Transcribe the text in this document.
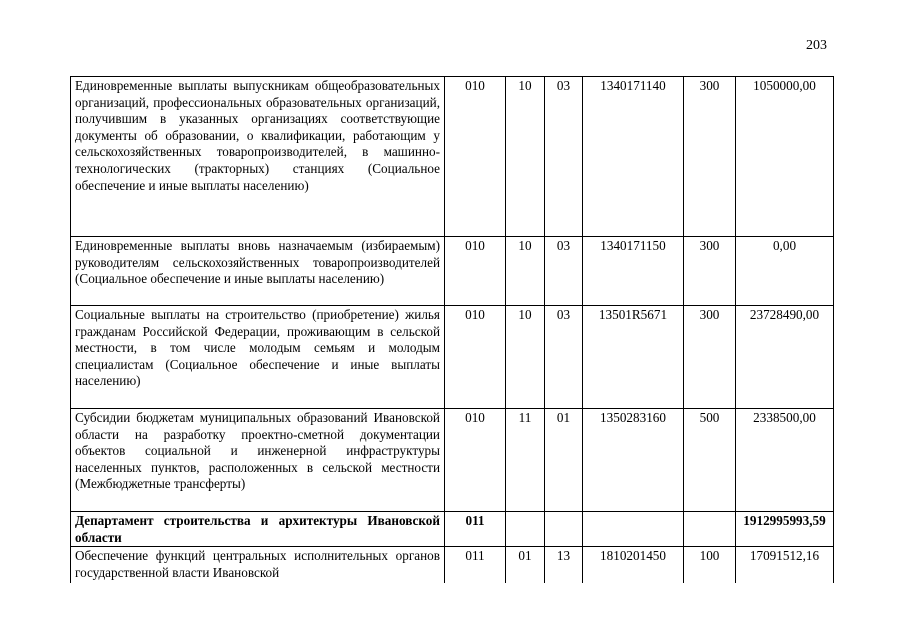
203
Единовременные выплаты выпускникам общеобразовательных организаций, профессиональных образовательных организаций, получившим в указанных организациях соответствующие документы об образовании, о квалификации, работающим у сельскохозяйственных товаропроизводителей, в машинно-технологических (тракторных) станциях (Социальное обеспечение и иные выплаты населению)	010	10	03	1340171140	300	1050000,00
Единовременные выплаты вновь назначаемым (избираемым) руководителям сельскохозяйственных товаропроизводителей (Социальное обеспечение и иные выплаты населению)	010	10	03	1340171150	300	0,00
Социальные выплаты на строительство (приобретение) жилья гражданам Российской Федерации, проживающим в сельской местности, в том числе молодым семьям и молодым специалистам (Социальное обеспечение и иные выплаты населению)	010	10	03	13501R5671	300	23728490,00
Субсидии бюджетам муниципальных образований Ивановской области на разработку проектно-сметной документации объектов социальной и инженерной инфраструктуры населенных пунктов, расположенных в сельской местности (Межбюджетные трансферты)	010	11	01	1350283160	500	2338500,00
Департамент строительства и архитектуры Ивановской области	011					1912995993,59
Обеспечение функций центральных исполнительных органов государственной власти Ивановской	011	01	13	1810201450	100	17091512,16
